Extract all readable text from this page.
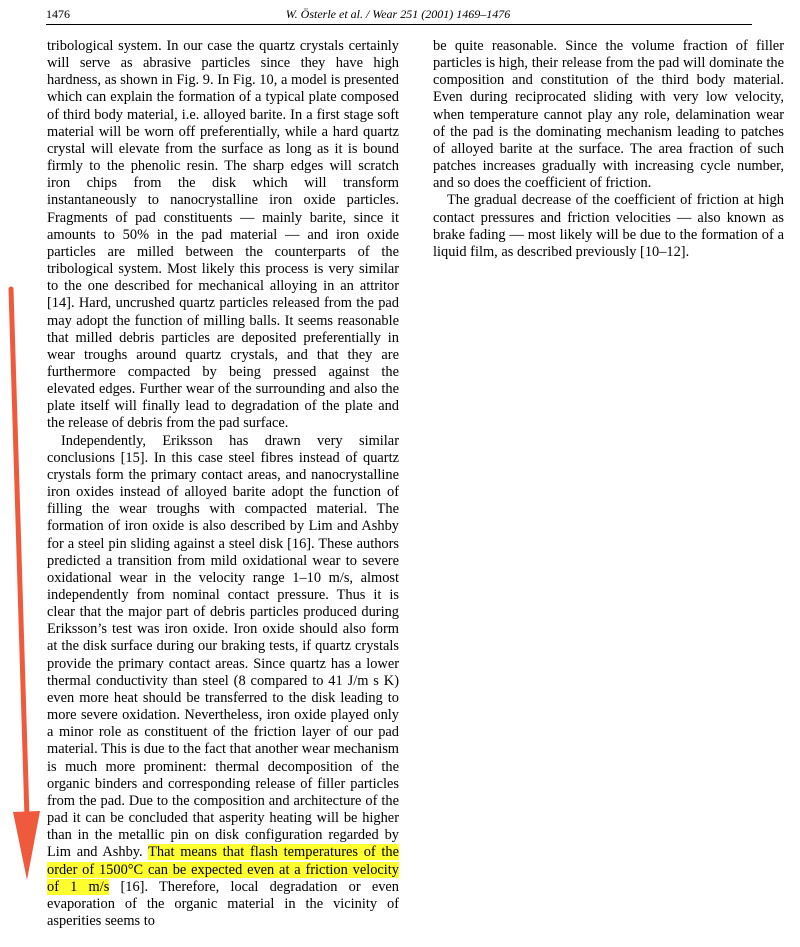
1476	W. Österle et al. / Wear 251 (2001) 1469–1476

tribological system. In our case the quartz crystals certainly will serve as abrasive particles since they have high hardness, as shown in Fig. 9. In Fig. 10, a model is presented which can explain the formation of a typical plate composed of third body material, i.e. alloyed barite. In a first stage soft material will be worn off preferentially, while a hard quartz crystal will elevate from the surface as long as it is bound firmly to the phenolic resin. The sharp edges will scratch iron chips from the disk which will transform instantaneously to nanocrystalline iron oxide particles. Fragments of pad constituents — mainly barite, since it amounts to 50% in the pad material — and iron oxide particles are milled between the counterparts of the tribological system. Most likely this process is very similar to the one described for mechanical alloying in an attritor [14]. Hard, uncrushed quartz particles released from the pad may adopt the function of milling balls. It seems reasonable that milled debris particles are deposited preferentially in wear troughs around quartz crystals, and that they are furthermore compacted by being pressed against the elevated edges. Further wear of the surrounding and also the plate itself will finally lead to degradation of the plate and the release of debris from the pad surface.

Independently, Eriksson has drawn very similar conclusions [15]. In this case steel fibres instead of quartz crystals form the primary contact areas, and nanocrystalline iron oxides instead of alloyed barite adopt the function of filling the wear troughs with compacted material. The formation of iron oxide is also described by Lim and Ashby for a steel pin sliding against a steel disk [16]. These authors predicted a transition from mild oxidational wear to severe oxidational wear in the velocity range 1–10 m/s, almost independently from nominal contact pressure. Thus it is clear that the major part of debris particles produced during Eriksson’s test was iron oxide. Iron oxide should also form at the disk surface during our braking tests, if quartz crystals provide the primary contact areas. Since quartz has a lower thermal conductivity than steel (8 compared to 41 J/m s K) even more heat should be transferred to the disk leading to more severe oxidation. Nevertheless, iron oxide played only a minor role as constituent of the friction layer of our pad material. This is due to the fact that another wear mechanism is much more prominent: thermal decomposition of the organic binders and corresponding release of filler particles from the pad. Due to the composition and architecture of the pad it can be concluded that asperity heating will be higher than in the metallic pin on disk configuration regarded by Lim and Ashby. That means that flash temperatures of the order of 1500°C can be expected even at a friction velocity of 1 m/s [16]. Therefore, local degradation or even evaporation of the organic material in the vicinity of asperities seems to

be quite reasonable. Since the volume fraction of filler particles is high, their release from the pad will dominate the composition and constitution of the third body material. Even during reciprocated sliding with very low velocity, when temperature cannot play any role, delamination wear of the pad is the dominating mechanism leading to patches of alloyed barite at the surface. The area fraction of such patches increases gradually with increasing cycle number, and so does the coefficient of friction.

The gradual decrease of the coefficient of friction at high contact pressures and friction velocities — also known as brake fading — most likely will be due to the formation of a liquid film, as described previously [10–12].
